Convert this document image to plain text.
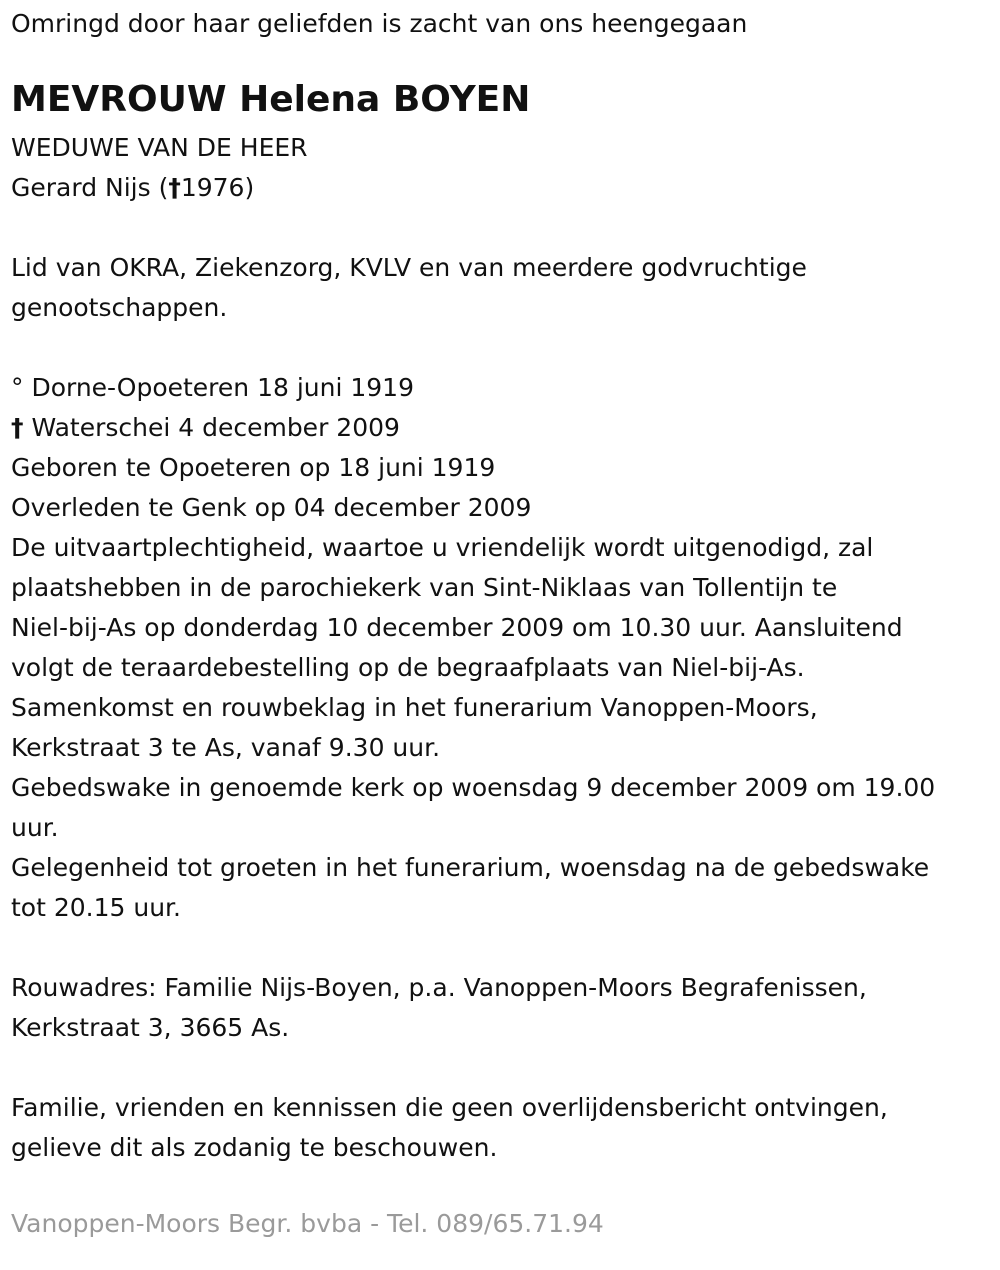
Omringd door haar geliefden is zacht van ons heengegaan
MEVROUW Helena BOYEN
WEDUWE VAN DE HEER
Gerard Nijs (†1976)
Lid van OKRA, Ziekenzorg, KVLV en van meerdere godvruchtige
genootschappen.
° Dorne-Opoeteren 18 juni 1919
† Waterschei 4 december 2009
Geboren te Opoeteren op 18 juni 1919
Overleden te Genk op 04 december 2009
De uitvaartplechtigheid, waartoe u vriendelijk wordt uitgenodigd, zal
plaatshebben in de parochiekerk van Sint-Niklaas van Tollentijn te
Niel-bij-As op donderdag 10 december 2009 om 10.30 uur. Aansluitend
volgt de teraardebestelling op de begraafplaats van Niel-bij-As.
Samenkomst en rouwbeklag in het funerarium Vanoppen-Moors,
Kerkstraat 3 te As, vanaf 9.30 uur.
Gebedswake in genoemde kerk op woensdag 9 december 2009 om 19.00
uur.
Gelegenheid tot groeten in het funerarium, woensdag na de gebedswake
tot 20.15 uur.
Rouwadres: Familie Nijs-Boyen, p.a. Vanoppen-Moors Begrafenissen,
Kerkstraat 3, 3665 As.
Familie, vrienden en kennissen die geen overlijdensbericht ontvingen,
gelieve dit als zodanig te beschouwen.
Vanoppen-Moors Begr. bvba - Tel. 089/65.71.94
